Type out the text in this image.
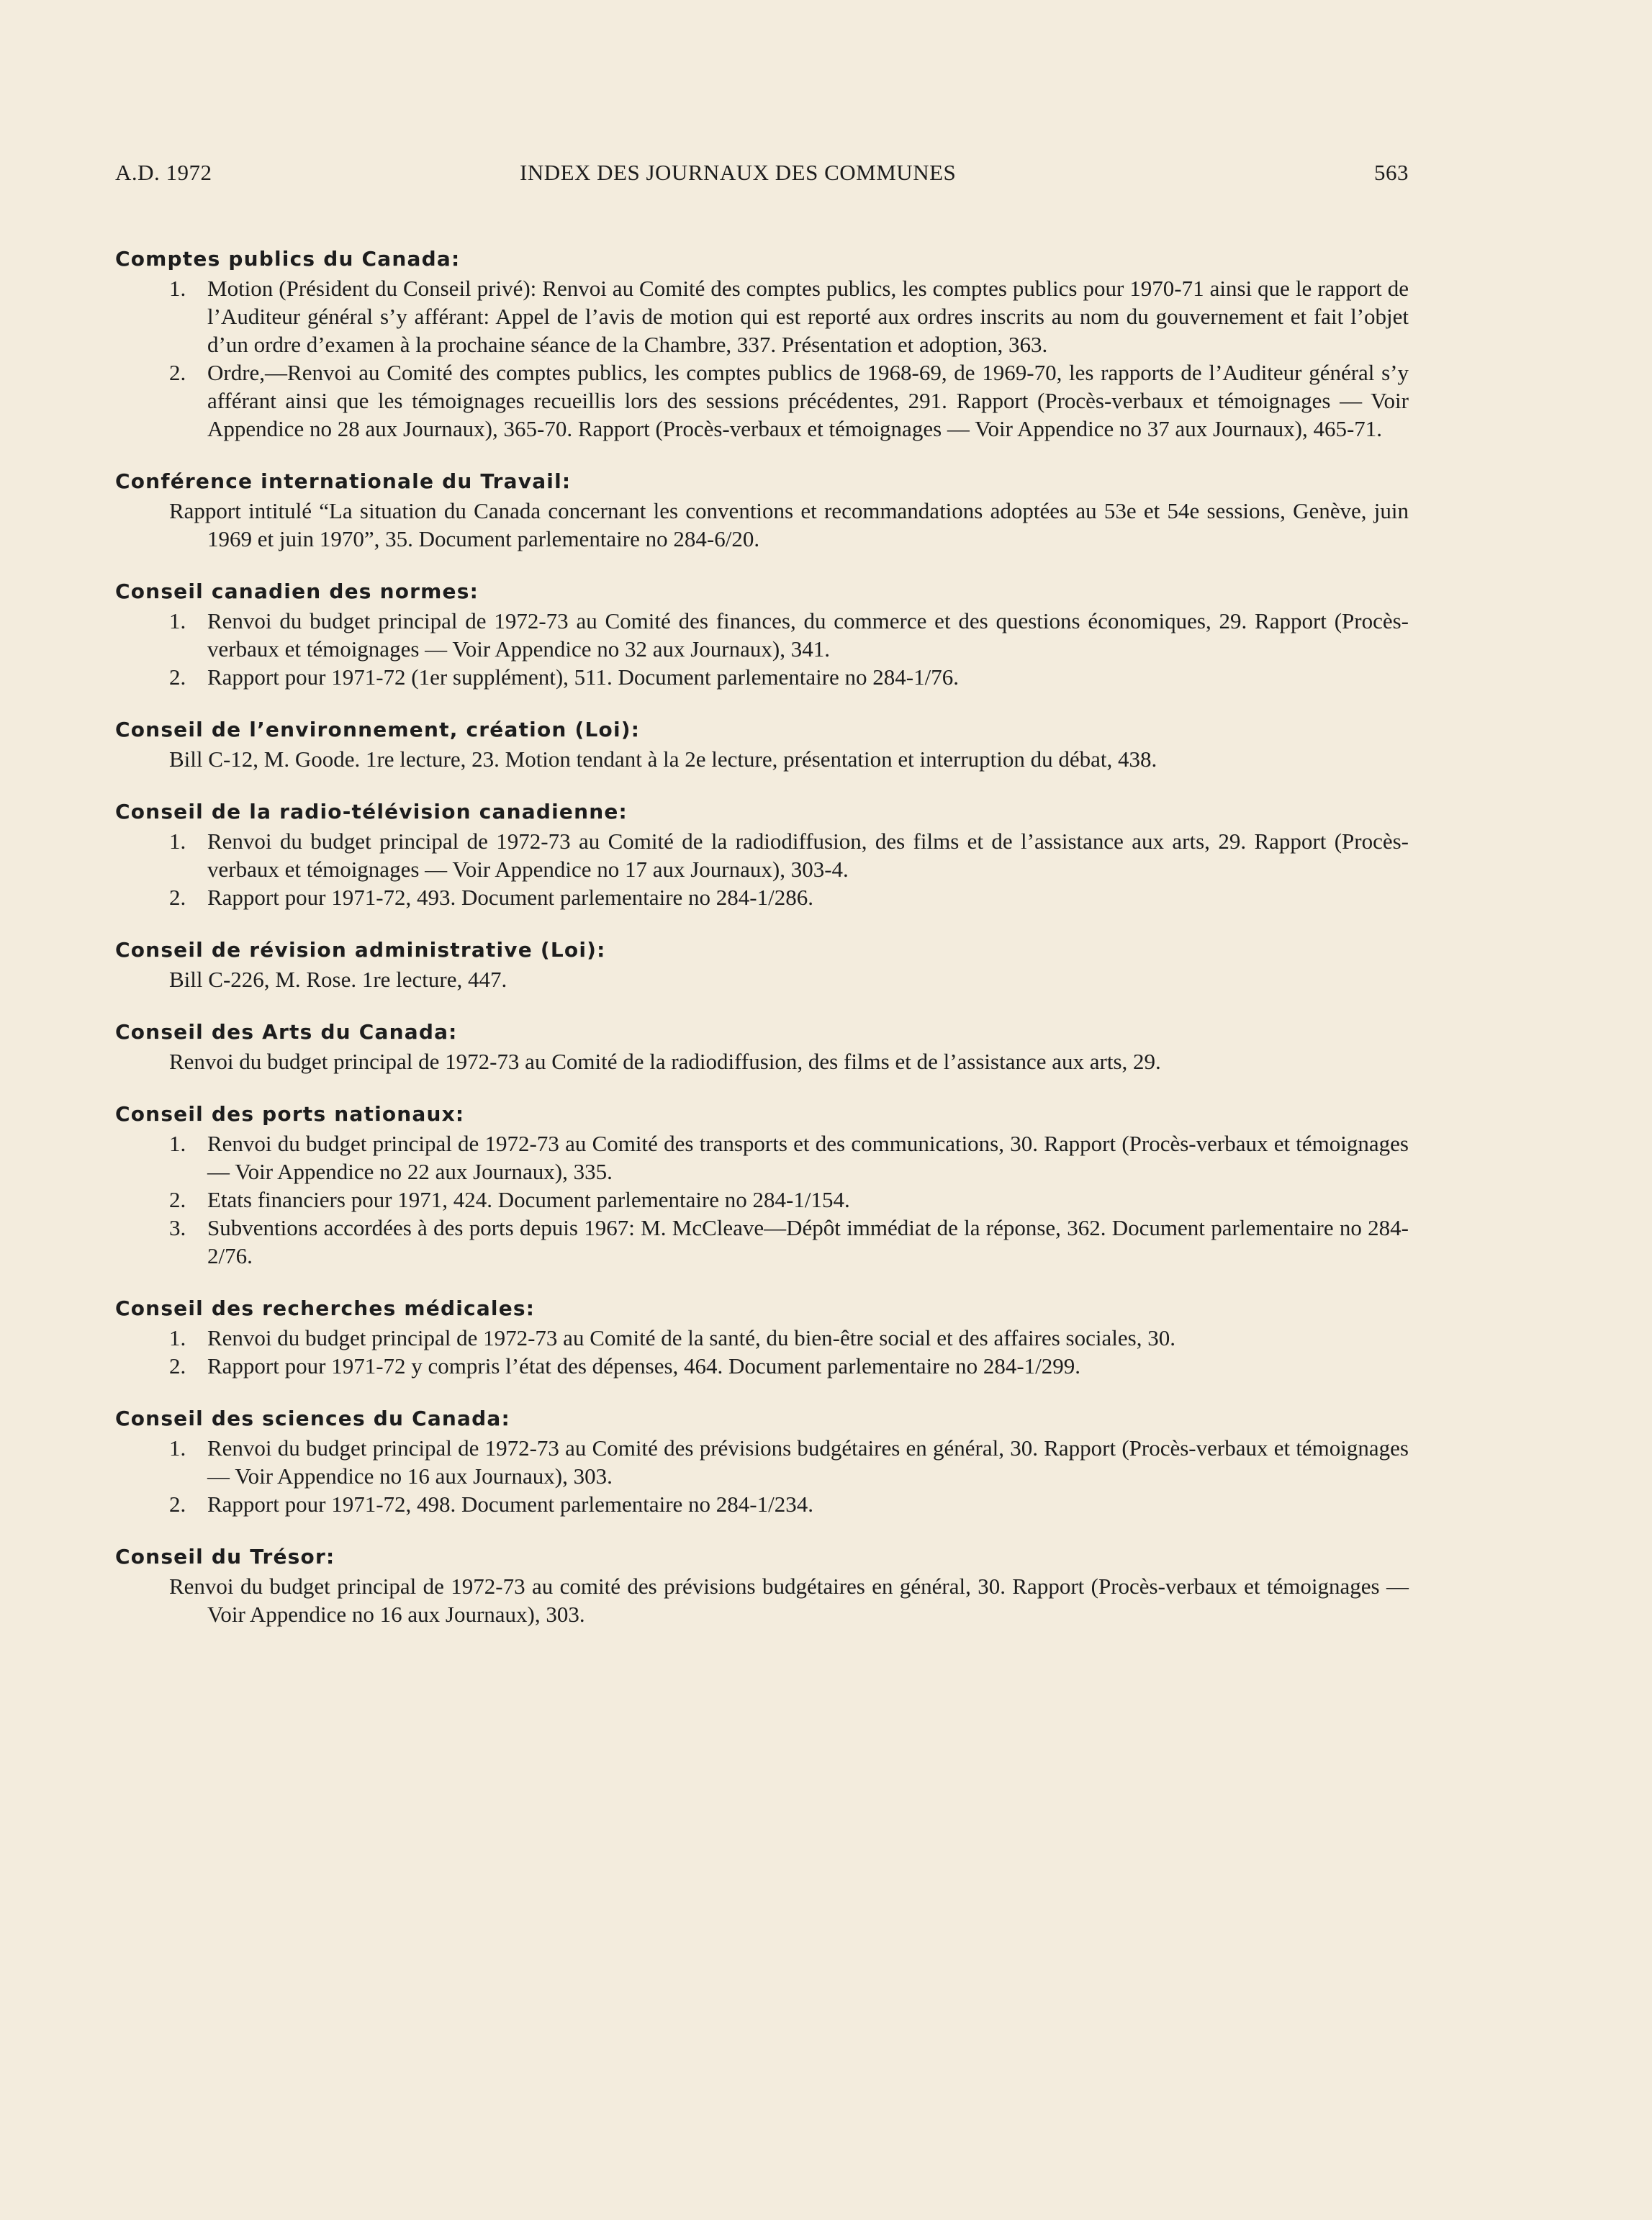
A.D. 1972	INDEX DES JOURNAUX DES COMMUNES	563
Comptes publics du Canada:
1. Motion (Président du Conseil privé): Renvoi au Comité des comptes publics, les comptes publics pour 1970-71 ainsi que le rapport de l’Auditeur général s’y afférant: Appel de l’avis de motion qui est reporté aux ordres inscrits au nom du gouvernement et fait l’objet d’un ordre d’examen à la prochaine séance de la Chambre, 337. Présentation et adoption, 363.
2. Ordre,—Renvoi au Comité des comptes publics, les comptes publics de 1968-69, de 1969-70, les rapports de l’Auditeur général s’y afférant ainsi que les témoignages recueillis lors des sessions précédentes, 291. Rapport (Procès-verbaux et témoignages — Voir Appendice no 28 aux Journaux), 365-70. Rapport (Procès-verbaux et témoignages — Voir Appendice no 37 aux Journaux), 465-71.
Conférence internationale du Travail:
Rapport intitulé “La situation du Canada concernant les conventions et recommandations adoptées au 53e et 54e sessions, Genève, juin 1969 et juin 1970”, 35. Document parlementaire no 284-6/20.
Conseil canadien des normes:
1. Renvoi du budget principal de 1972-73 au Comité des finances, du commerce et des questions économiques, 29. Rapport (Procès-verbaux et témoignages — Voir Appendice no 32 aux Journaux), 341.
2. Rapport pour 1971-72 (1er supplément), 511. Document parlementaire no 284-1/76.
Conseil de l’environnement, création (Loi):
Bill C-12, M. Goode. 1re lecture, 23. Motion tendant à la 2e lecture, présentation et interruption du débat, 438.
Conseil de la radio-télévision canadienne:
1. Renvoi du budget principal de 1972-73 au Comité de la radiodiffusion, des films et de l’assistance aux arts, 29. Rapport (Procès-verbaux et témoignages — Voir Appendice no 17 aux Journaux), 303-4.
2. Rapport pour 1971-72, 493. Document parlementaire no 284-1/286.
Conseil de révision administrative (Loi):
Bill C-226, M. Rose. 1re lecture, 447.
Conseil des Arts du Canada:
Renvoi du budget principal de 1972-73 au Comité de la radiodiffusion, des films et de l’assistance aux arts, 29.
Conseil des ports nationaux:
1. Renvoi du budget principal de 1972-73 au Comité des transports et des communications, 30. Rapport (Procès-verbaux et témoignages — Voir Appendice no 22 aux Journaux), 335.
2. Etats financiers pour 1971, 424. Document parlementaire no 284-1/154.
3. Subventions accordées à des ports depuis 1967: M. McCleave—Dépôt immédiat de la réponse, 362. Document parlementaire no 284-2/76.
Conseil des recherches médicales:
1. Renvoi du budget principal de 1972-73 au Comité de la santé, du bien-être social et des affaires sociales, 30.
2. Rapport pour 1971-72 y compris l’état des dépenses, 464. Document parlementaire no 284-1/299.
Conseil des sciences du Canada:
1. Renvoi du budget principal de 1972-73 au Comité des prévisions budgétaires en général, 30. Rapport (Procès-verbaux et témoignages — Voir Appendice no 16 aux Journaux), 303.
2. Rapport pour 1971-72, 498. Document parlementaire no 284-1/234.
Conseil du Trésor:
Renvoi du budget principal de 1972-73 au comité des prévisions budgétaires en général, 30. Rapport (Procès-verbaux et témoignages — Voir Appendice no 16 aux Journaux), 303.
